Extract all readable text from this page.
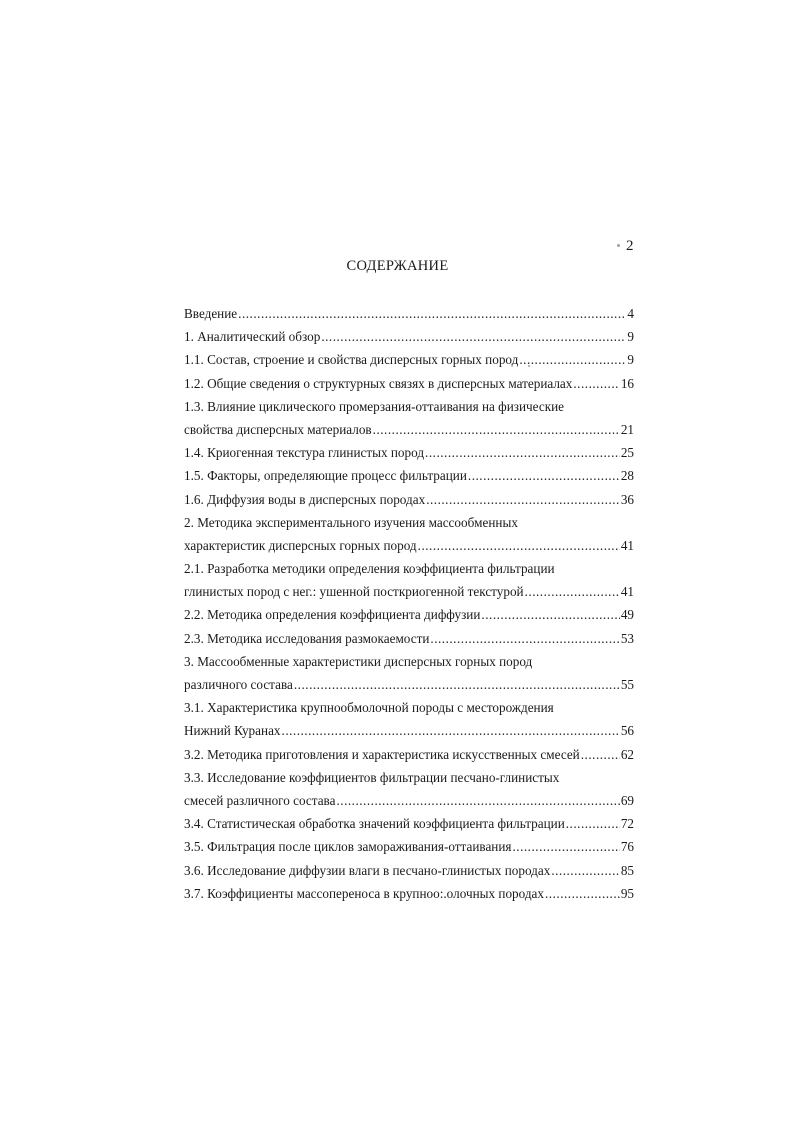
2
СОДЕРЖАНИЕ
Введение .....	4
1. Аналитический обзор .....	9
1.1. Состав, строение и свойства дисперсных горных пород .....	9
1.2. Общие сведения о структурных связях в дисперсных материалах .....	16
1.3. Влияние циклического промерзания-оттаивания на физические
свойства дисперсных материалов .....	21
1.4. Криогенная текстура глинистых пород .....	25
1.5. Факторы, определяющие процесс фильтрации .....	28
1.6. Диффузия воды в дисперсных породах .....	36
2. Методика экспериментального изучения массообменных
характеристик дисперсных горных пород .....	41
2.1. Разработка методики определения коэффициента фильтрации
глинистых пород с нег.: ушенной посткриогенной текстурой .....	41
2.2. Методика определения коэффициента диффузии .....	49
2.3. Методика исследования размокаемости .....	53
3. Массообменные характеристики дисперсных горных пород
различного состава .....	55
3.1. Характеристика крупнообмолочной породы с месторождения
Нижний Куранах .....	56
3.2. Методика приготовления и характеристика искусственных смесей .....	62
3.3. Исследование коэффициентов фильтрации песчано-глинистых
смесей различного состава .....	69
3.4. Статистическая обработка значений коэффициента фильтрации .....	72
3.5. Фильтрация после циклов замораживания-оттаивания .....	76
3.6. Исследование диффузии влаги в песчано-глинистых породах .....	85
3.7. Коэффициенты массопереноса в крупноо:.олочных породах .....	95
